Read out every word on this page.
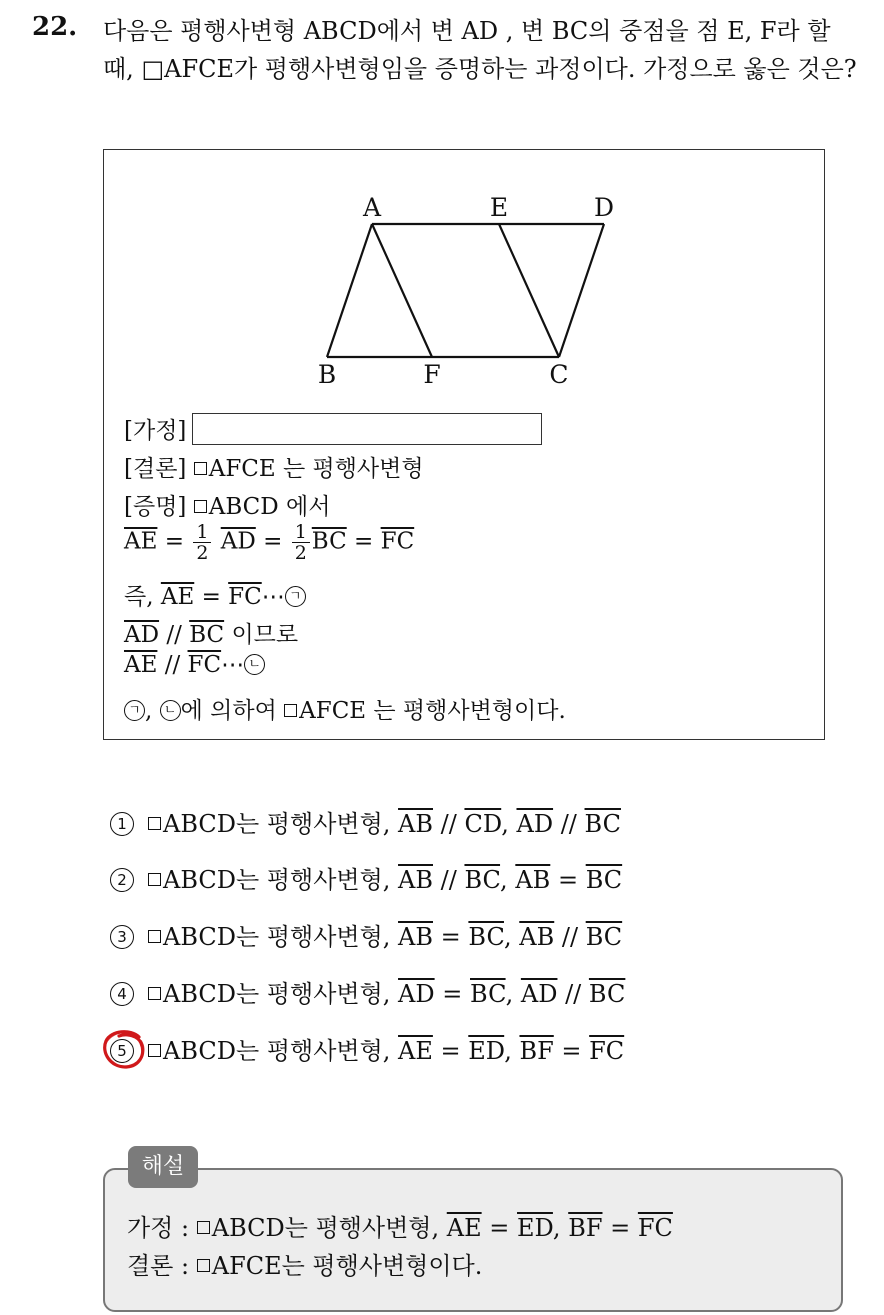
22. 다음은 평행사변형 ABCD에서 변 AD , 변 BC의 중점을 점 E, F라 할 때, □AFCE가 평행사변형임을 증명하는 과정이다. 가정으로 옳은 것은?
A	E	D
B	F	C
[가정]
[결론] AFCE 는 평행사변형
[증명] ABCD 에서
$\overline{AE} = \frac{1}{2} \overline{AD} = \frac{1}{2} \overline{BC} = \overline{FC}$
즉, $\overline{AE}$ = $\overline{FC}\cdots$ ㄱ
$\overline{AD} // \overline{BC}$ 이므로
$\overline{AE}$ // $\overline{FC}\cdots$ ㄴ
ㄱ , ㄴ 에 의하여 AFCE 는 평행사변형이다.
1 ABCD는 평행사변형, $\overline{AB} // \overline{CD}$, $\overline{AD} // \overline{BC}$
2 ABCD는 평행사변형, $\overline{AB} // \overline{BC}$, $\overline{AB} = \overline{BC}$
3 ABCD는 평행사변형, $\overline{AB} = \overline{BC}$, $\overline{AB} // \overline{BC}$
4 ABCD는 평행사변형, $\overline{AD} = \overline{BC}$, $\overline{AD} // \overline{BC}$
5 ABCD는 평행사변형, $\overline{AE} = \overline{ED}$, $\overline{BF} = \overline{FC}$
가정 : ABCD는 평행사변형, $\overline{AE} = \overline{ED}$, $\overline{BF} = \overline{FC}$
결론 : AFCE는 평행사변형이다.
해설
